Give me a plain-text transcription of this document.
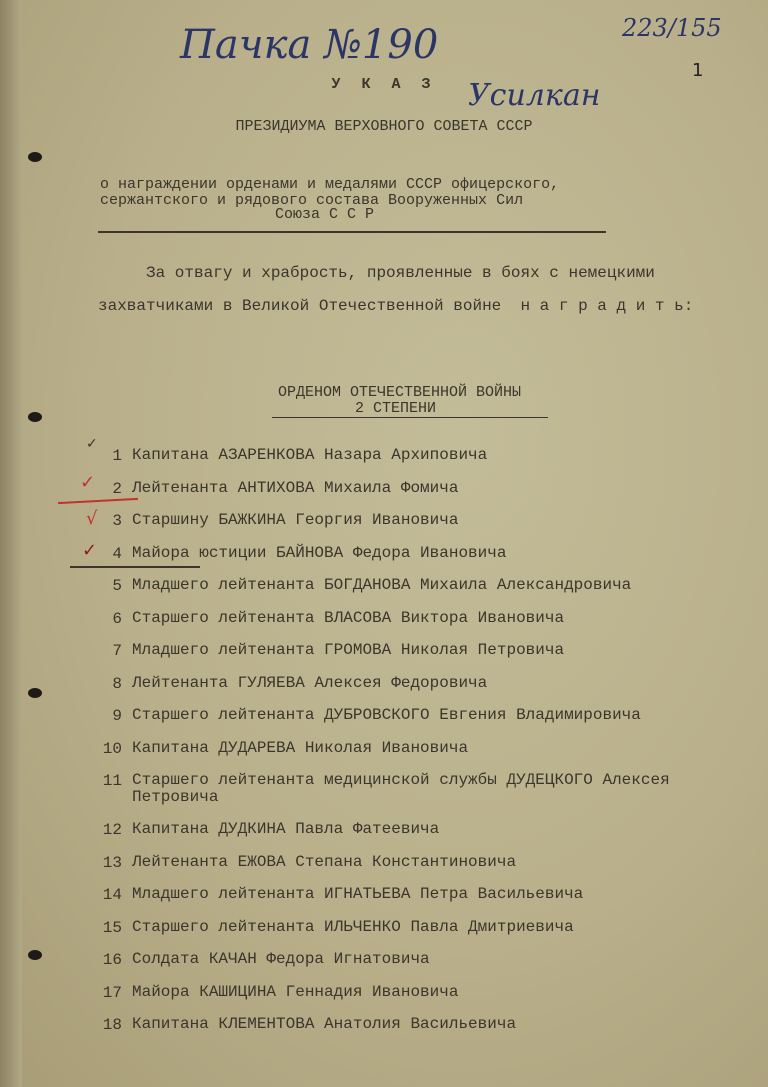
Пачка №190	223/155
1
Усилкан
У К А З
ПРЕЗИДИУМА ВЕРХОВНОГО СОВЕТА СССР
о награждении орденами и медалями СССР офицерского,
сержантского и рядового состава Вооруженных Сил
Союза С С Р
За отвагу и храбрость, проявленные в боях с немецкими
захватчиками в Великой Отечественной войне  н а г р а д и т ь:
ОРДЕНОМ ОТЕЧЕСТВЕННОЙ ВОЙНЫ
2 СТЕПЕНИ
✓
✓
√
✓
1 Капитана АЗАРЕНКОВА Назара Архиповича
2 Лейтенанта АНТИХОВА Михаила Фомича
3 Старшину БАЖКИНА Георгия Ивановича
4 Майора юстиции БАЙНОВА Федора Ивановича
5 Младшего лейтенанта БОГДАНОВА Михаила Александровича
6 Старшего лейтенанта ВЛАСОВА Виктора Ивановича
7 Младшего лейтенанта ГРОМОВА Николая Петровича
8 Лейтенанта ГУЛЯЕВА Алексея Федоровича
9 Старшего лейтенанта ДУБРОВСКОГО Евгения Владимировича
10 Капитана ДУДАРЕВА Николая Ивановича
11 Старшего лейтенанта медицинской службы ДУДЕЦКОГО Алексея Петровича
12 Капитана ДУДКИНА Павла Фатеевича
13 Лейтенанта ЕЖОВА Степана Константиновича
14 Младшего лейтенанта ИГНАТЬЕВА Петра Васильевича
15 Старшего лейтенанта ИЛЬЧЕНКО Павла Дмитриевича
16 Солдата КАЧАН Федора Игнатовича
17 Майора КАШИЦИНА Геннадия Ивановича
18 Капитана КЛЕМЕНТОВА Анатолия Васильевича
